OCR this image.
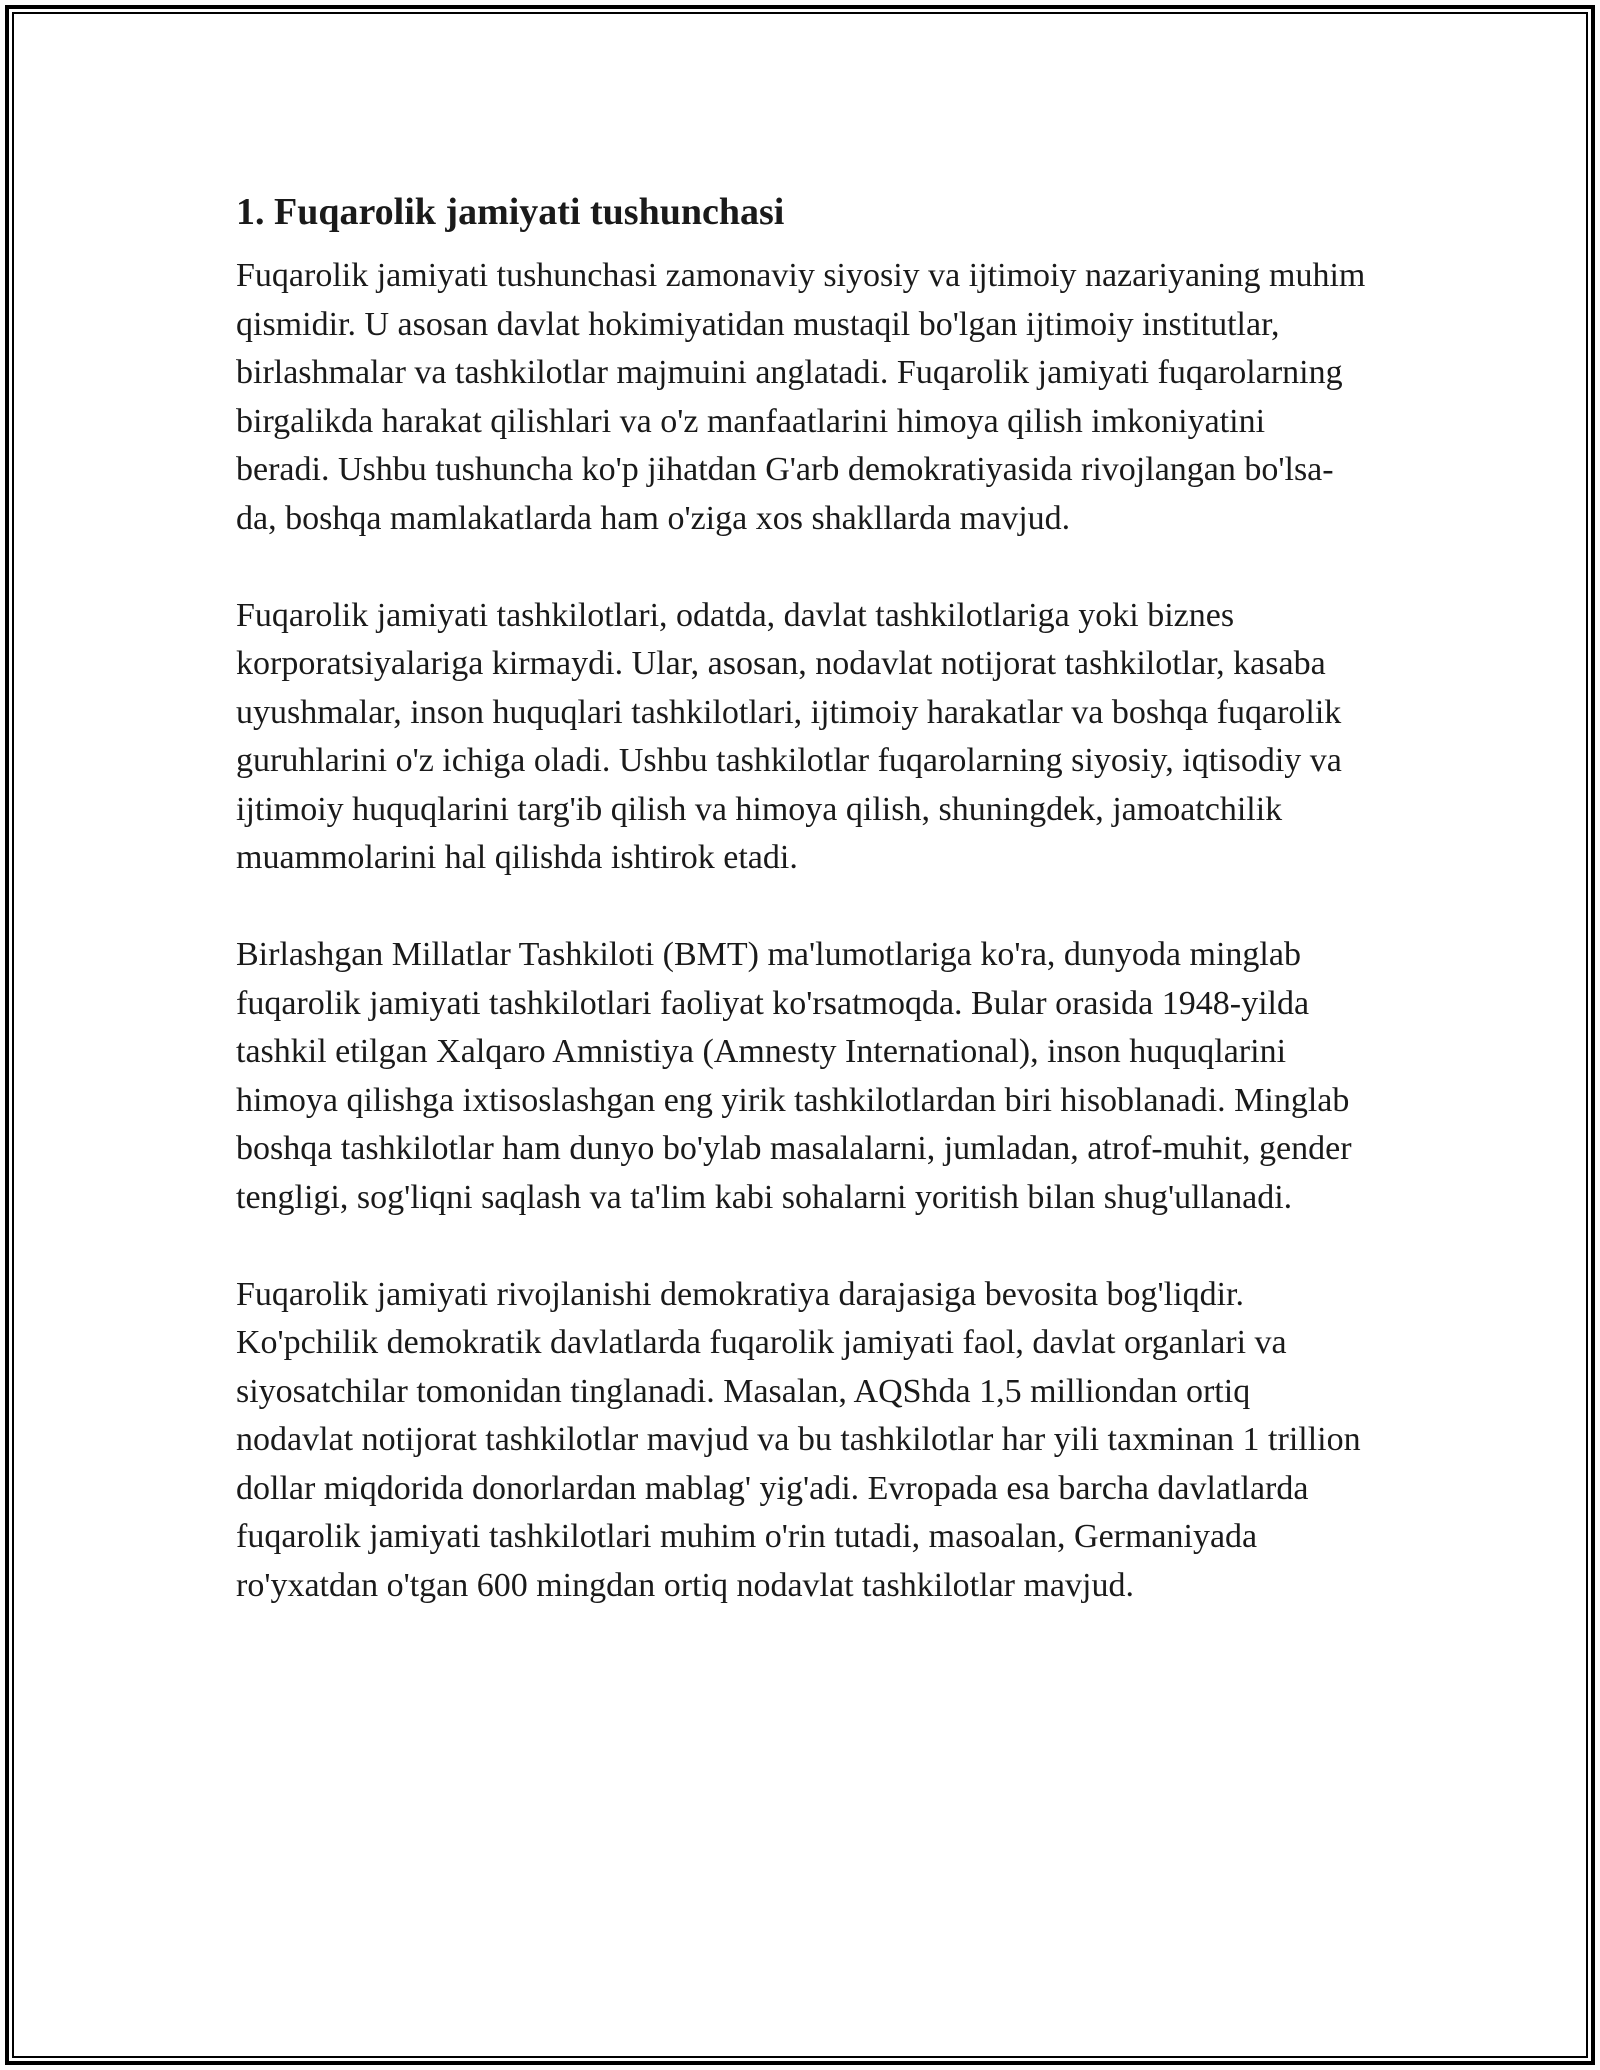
1. Fuqarolik jamiyati tushunchasi

Fuqarolik jamiyati tushunchasi zamonaviy siyosiy va ijtimoiy nazariyaning muhim qismidir. U asosan davlat hokimiyatidan mustaqil bo'lgan ijtimoiy institutlar, birlashmalar va tashkilotlar majmuini anglatadi. Fuqarolik jamiyati fuqarolarning birgalikda harakat qilishlari va o'z manfaatlarini himoya qilish imkoniyatini beradi. Ushbu tushuncha ko'p jihatdan G'arb demokratiyasida rivojlangan bo'lsa-da, boshqa mamlakatlarda ham o'ziga xos shakllarda mavjud.

Fuqarolik jamiyati tashkilotlari, odatda, davlat tashkilotlariga yoki biznes korporatsiyalariga kirmaydi. Ular, asosan, nodavlat notijorat tashkilotlar, kasaba uyushmalar, inson huquqlari tashkilotlari, ijtimoiy harakatlar va boshqa fuqarolik guruhlarini o'z ichiga oladi. Ushbu tashkilotlar fuqarolarning siyosiy, iqtisodiy va ijtimoiy huquqlarini targ'ib qilish va himoya qilish, shuningdek, jamoatchilik muammolarini hal qilishda ishtirok etadi.

Birlashgan Millatlar Tashkiloti (BMT) ma'lumotlariga ko'ra, dunyoda minglab fuqarolik jamiyati tashkilotlari faoliyat ko'rsatmoqda. Bular orasida 1948-yilda tashkil etilgan Xalqaro Amnistiya (Amnesty International), inson huquqlarini himoya qilishga ixtisoslashgan eng yirik tashkilotlardan biri hisoblanadi. Minglab boshqa tashkilotlar ham dunyo bo'ylab masalalarni, jumladan, atrof-muhit, gender tengligi, sog'liqni saqlash va ta'lim kabi sohalarni yoritish bilan shug'ullanadi.

Fuqarolik jamiyati rivojlanishi demokratiya darajasiga bevosita bog'liqdir. Ko'pchilik demokratik davlatlarda fuqarolik jamiyati faol, davlat organlari va siyosatchilar tomonidan tinglanadi. Masalan, AQShda 1,5 milliondan ortiq nodavlat notijorat tashkilotlar mavjud va bu tashkilotlar har yili taxminan 1 trillion dollar miqdorida donorlardan mablag' yig'adi. Evropada esa barcha davlatlarda fuqarolik jamiyati tashkilotlari muhim o'rin tutadi, masoalan, Germaniyada ro'yxatdan o'tgan 600 mingdan ortiq nodavlat tashkilotlar mavjud.
